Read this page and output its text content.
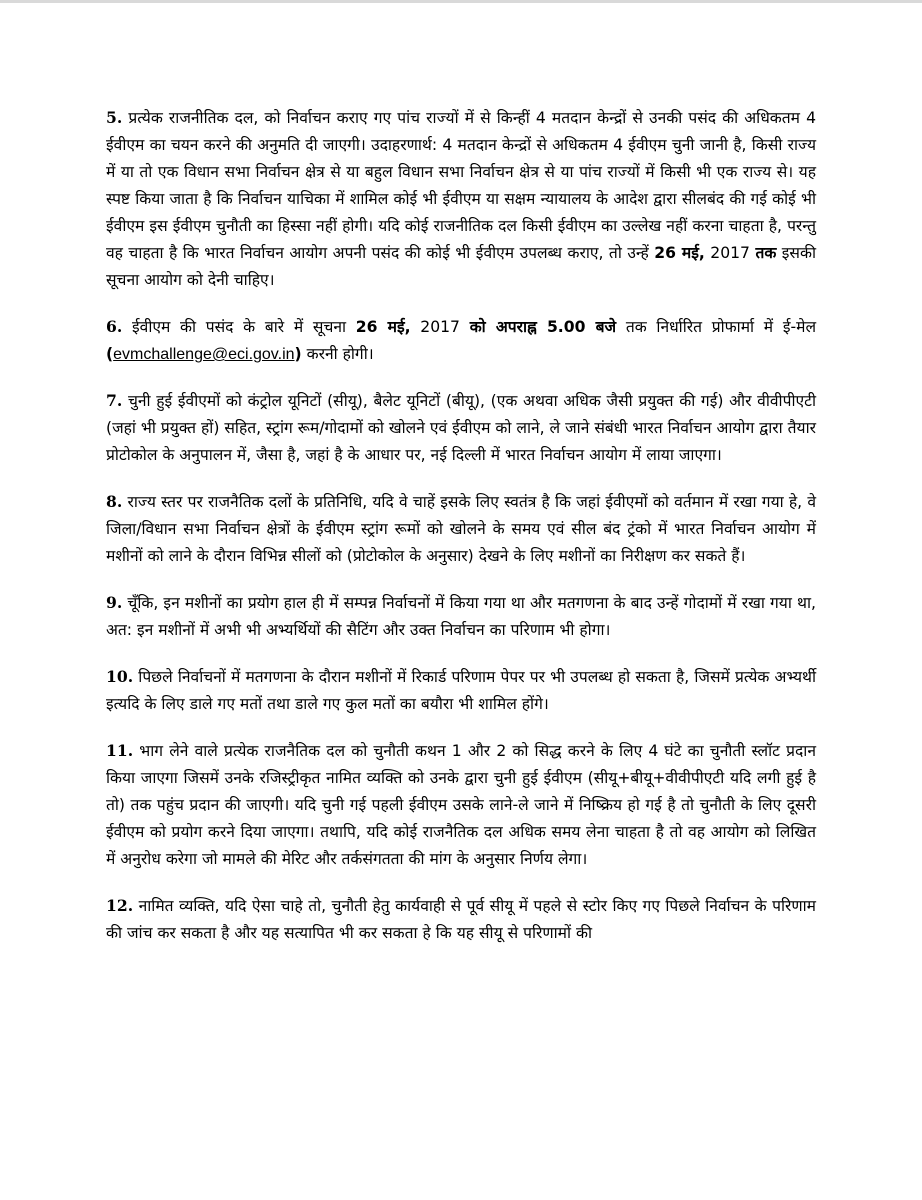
5. प्रत्येक राजनीतिक दल, को निर्वाचन कराए गए पांच राज्यों में से किन्हीं 4 मतदान केन्द्रों से उनकी पसंद की अधिकतम 4 ईवीएम का चयन करने की अनुमति दी जाएगी। उदाहरणार्थ: 4 मतदान केन्द्रों से अधिकतम 4 ईवीएम चुनी जानी है, किसी राज्य में या तो एक विधान सभा निर्वाचन क्षेत्र से या बहुल विधान सभा निर्वाचन क्षेत्र से या पांच राज्यों में किसी भी एक राज्य से। यह स्पष्ट किया जाता है कि निर्वाचन याचिका में शामिल कोई भी ईवीएम या सक्षम न्यायालय के आदेश द्वारा सीलबंद की गई कोई भी ईवीएम इस ईवीएम चुनौती का हिस्सा नहीं होगी। यदि कोई राजनीतिक दल किसी ईवीएम का उल्लेख नहीं करना चाहता है, परन्तु वह चाहता है कि भारत निर्वाचन आयोग अपनी पसंद की कोई भी ईवीएम उपलब्ध कराए, तो उन्हें 26 मई, 2017 तक इसकी सूचना आयोग को देनी चाहिए।

6. ईवीएम की पसंद के बारे में सूचना 26 मई, 2017 को अपराह्न 5.00 बजे तक निर्धारित प्रोफार्मा में ई-मेल (evmchallenge@eci.gov.in) करनी होगी।

7. चुनी हुई ईवीएमों को कंट्रोल यूनिटों (सीयू), बैलेट यूनिटों (बीयू), (एक अथवा अधिक जैसी प्रयुक्त की गई) और वीवीपीएटी (जहां भी प्रयुक्त हों) सहित, स्ट्रांग रूम/गोदामों को खोलने एवं ईवीएम को लाने, ले जाने संबंधी भारत निर्वाचन आयोग द्वारा तैयार प्रोटोकोल के अनुपालन में, जैसा है, जहां है के आधार पर, नई दिल्ली में भारत निर्वाचन आयोग में लाया जाएगा।

8. राज्य स्तर पर राजनैतिक दलों के प्रतिनिधि, यदि वे चाहें इसके लिए स्वतंत्र है कि जहां ईवीएमों को वर्तमान में रखा गया हे, वे जिला/विधान सभा निर्वाचन क्षेत्रों के ईवीएम स्ट्रांग रूमों को खोलने के समय एवं सील बंद ट्रंको में भारत निर्वाचन आयोग में मशीनों को लाने के दौरान विभिन्न सीलों को (प्रोटोकोल के अनुसार) देखने के लिए मशीनों का निरीक्षण कर सकते हैं।

9. चूँकि, इन मशीनों का प्रयोग हाल ही में सम्पन्न निर्वाचनों में किया गया था और मतगणना के बाद उन्हें गोदामों में रखा गया था, अत: इन मशीनों में अभी भी अभ्यर्थियों की सैटिंग और उक्त निर्वाचन का परिणाम भी होगा।

10. पिछले निर्वाचनों में मतगणना के दौरान मशीनों में रिकार्ड परिणाम पेपर पर भी उपलब्ध हो सकता है, जिसमें प्रत्येक अभ्यर्थी इत्यदि के लिए डाले गए मतों तथा डाले गए कुल मतों का बयौरा भी शामिल होंगे।

11. भाग लेने वाले प्रत्येक राजनैतिक दल को चुनौती कथन 1 और 2 को सिद्ध करने के लिए 4 घंटे का चुनौती स्लॉट प्रदान किया जाएगा जिसमें उनके रजिस्ट्रीकृत नामित व्यक्ति को उनके द्वारा चुनी हुई ईवीएम (सीयू+बीयू+वीवीपीएटी यदि लगी हुई है तो) तक पहुंच प्रदान की जाएगी। यदि चुनी गई पहली ईवीएम उसके लाने-ले जाने में निष्क्रिय हो गई है तो चुनौती के लिए दूसरी ईवीएम को प्रयोग करने दिया जाएगा। तथापि, यदि कोई राजनैतिक दल अधिक समय लेना चाहता है तो वह आयोग को लिखित में अनुरोध करेगा जो मामले की मेरिट और तर्कसंगतता की मांग के अनुसार निर्णय लेगा।

12. नामित व्यक्ति, यदि ऐसा चाहे तो, चुनौती हेतु कार्यवाही से पूर्व सीयू में पहले से स्टोर किए गए पिछले निर्वाचन के परिणाम की जांच कर सकता है और यह सत्यापित भी कर सकता हे कि यह सीयू से परिणामों की
